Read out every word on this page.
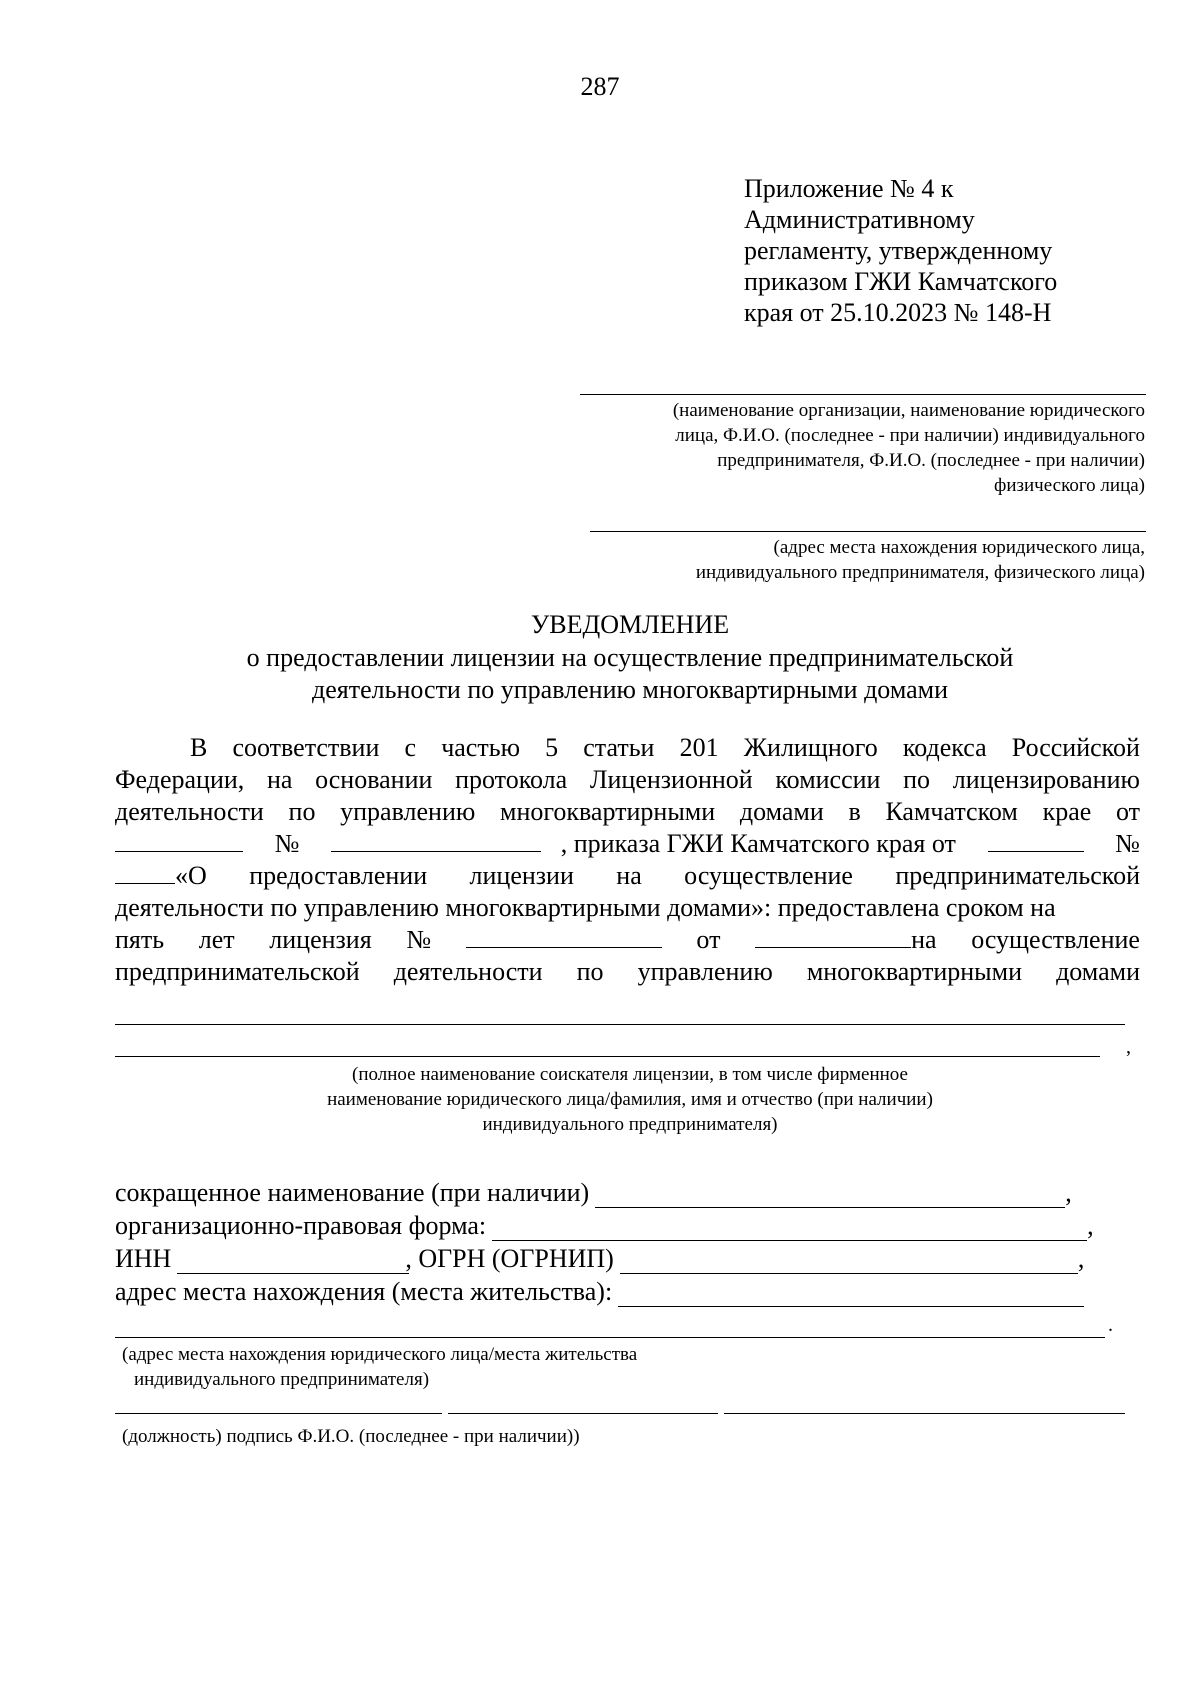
287
Приложение № 4 к
Административному
регламенту, утвержденному
приказом ГЖИ Камчатского
края от 25.10.2023 № 148-Н
(наименование организации, наименование юридического
лица, Ф.И.О. (последнее - при наличии) индивидуального
предпринимателя, Ф.И.О. (последнее - при наличии)
физического лица)
(адрес места нахождения юридического лица,
индивидуального предпринимателя, физического лица)
УВЕДОМЛЕНИЕ
о предоставлении лицензии на осуществление предпринимательской
деятельности по управлению многоквартирными домами
В соответствии с частью 5 статьи 201 Жилищного кодекса Российской
Федерации, на основании протокола Лицензионной комиссии по лицензированию
деятельности по управлению многоквартирными домами в Камчатском крае от
№	, приказа ГЖИ Камчатского края от	№
«О предоставлении лицензии на осуществление предпринимательской
деятельности по управлению многоквартирными домами»: предоставлена сроком на
пять лет лицензия №	от	на осуществление
предпринимательской деятельности по управлению многоквартирными домами
,
(полное наименование соискателя лицензии, в том числе фирменное
наименование юридического лица/фамилия, имя и отчество (при наличии)
индивидуального предпринимателя)
сокращенное наименование (при наличии)	,
организационно-правовая форма:	,
ИНН	, ОГРН (ОГРНИП)	,
адрес места нахождения (места жительства):
.
(адрес места нахождения юридического лица/места жительства
индивидуального предпринимателя)
(должность) подпись Ф.И.О. (последнее - при наличии))
